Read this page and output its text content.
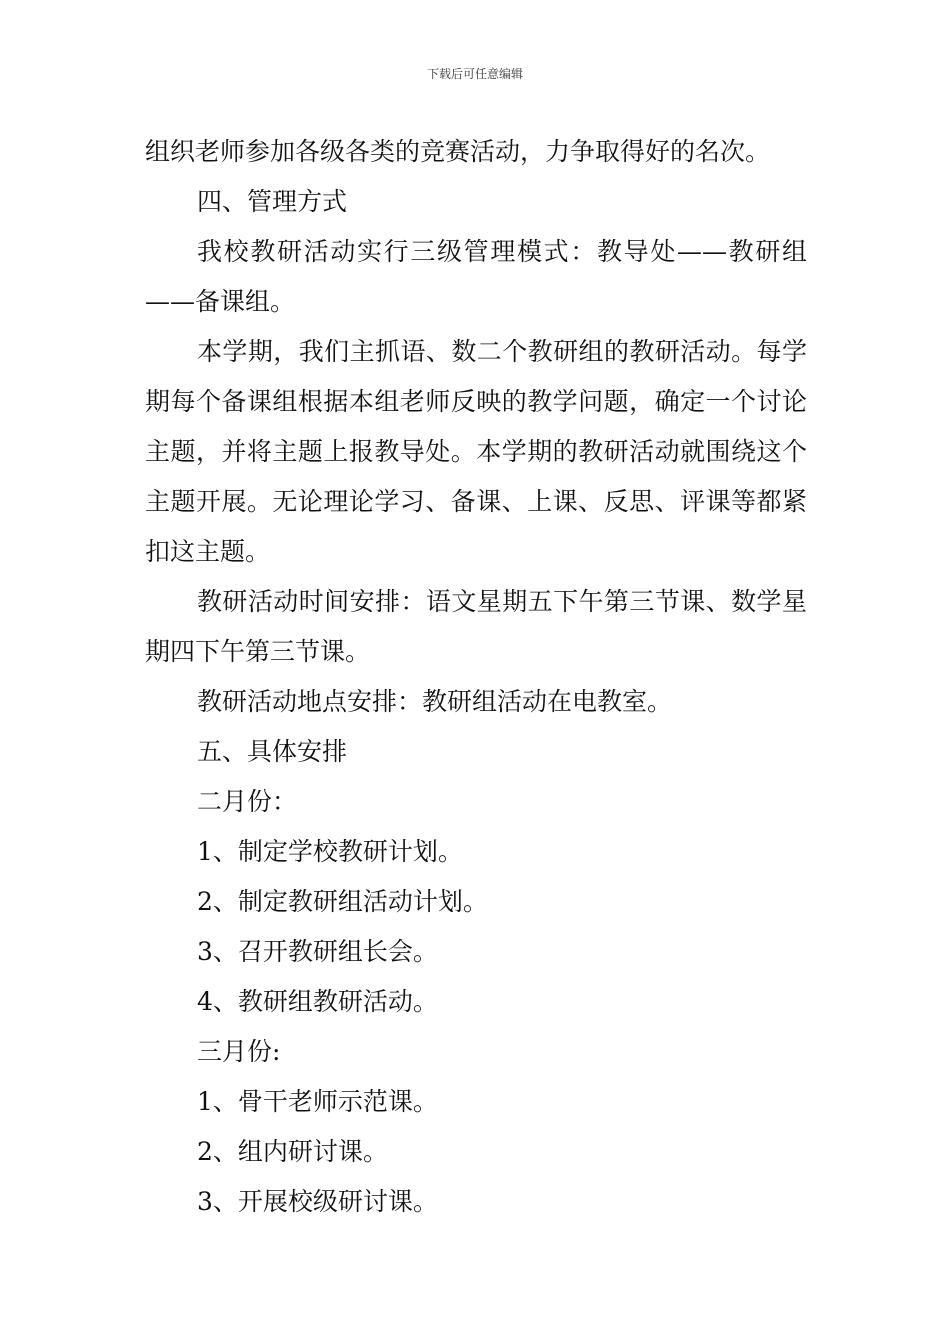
下载后可任意编辑

组织老师参加各级各类的竞赛活动，力争取得好的名次。

四、管理方式

我校教研活动实行三级管理模式：教导处——教研组——备课组。

本学期，我们主抓语、数二个教研组的教研活动。每学期每个备课组根据本组老师反映的教学问题，确定一个讨论主题，并将主题上报教导处。本学期的教研活动就围绕这个主题开展。无论理论学习、备课、上课、反思、评课等都紧扣这主题。

教研活动时间安排：语文星期五下午第三节课、数学星期四下午第三节课。

教研活动地点安排：教研组活动在电教室。

五、具体安排

二月份：

1、制定学校教研计划。

2、制定教研组活动计划。

3、召开教研组长会。

4、教研组教研活动。

三月份:

1、骨干老师示范课。

2、组内研讨课。

3、开展校级研讨课。
